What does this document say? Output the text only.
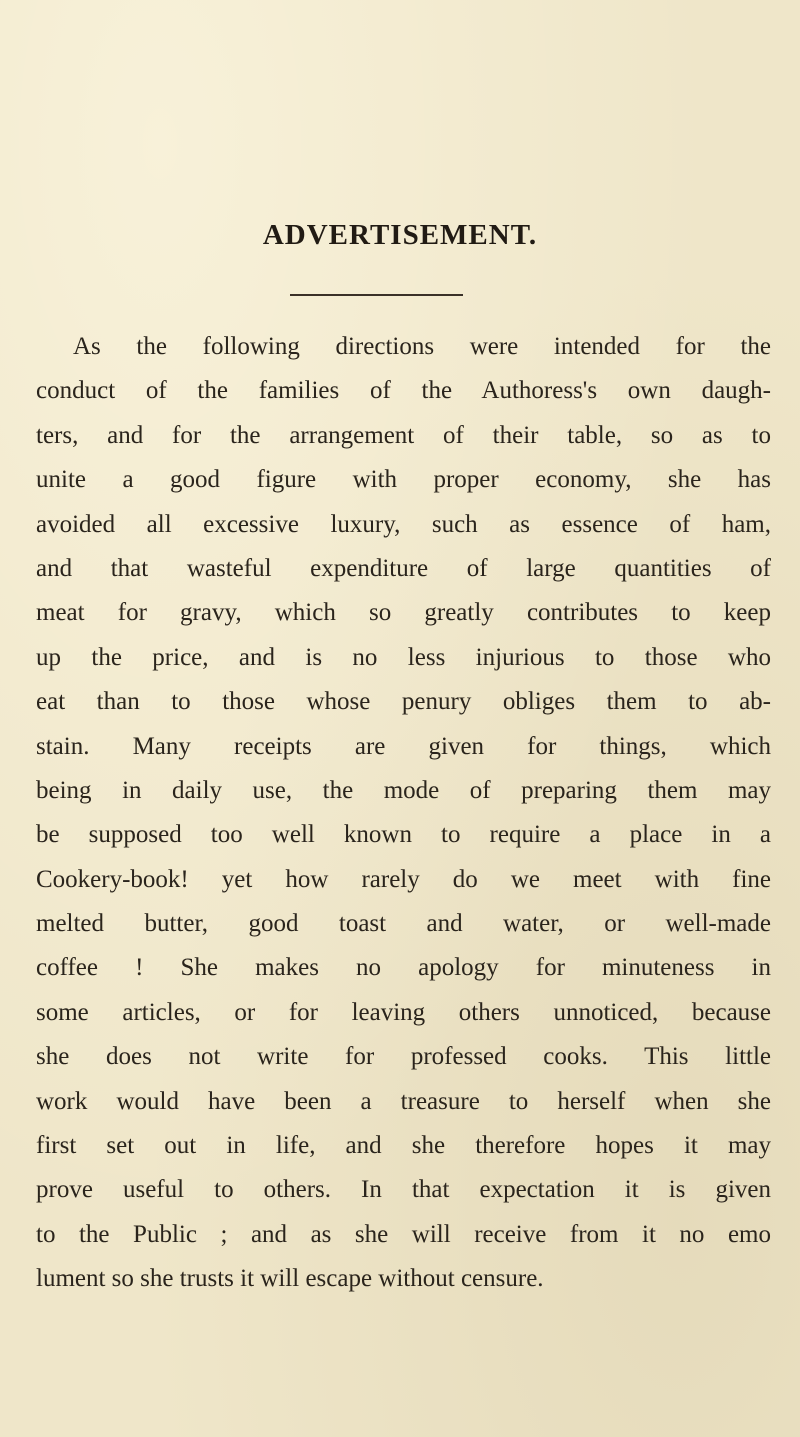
ADVERTISEMENT.
As the following directions were intended for the
conduct of the families of the Authoress's own daugh-
ters, and for the arrangement of their table, so as to
unite a good figure with proper economy, she has
avoided all excessive luxury, such as essence of ham,
and that wasteful expenditure of large quantities of
meat for gravy, which so greatly contributes to keep
up the price, and is no less injurious to those who
eat than to those whose penury obliges them to ab-
stain. Many receipts are given for things, which
being in daily use, the mode of preparing them may
be supposed too well known to require a place in a
Cookery-book! yet how rarely do we meet with fine
melted butter, good toast and water, or well-made
coffee ! She makes no apology for minuteness in
some articles, or for leaving others unnoticed, because
she does not write for professed cooks. This little
work would have been a treasure to herself when she
first set out in life, and she therefore hopes it may
prove useful to others. In that expectation it is given
to the Public ; and as she will receive from it no emo
lument so she trusts it will escape without censure.
